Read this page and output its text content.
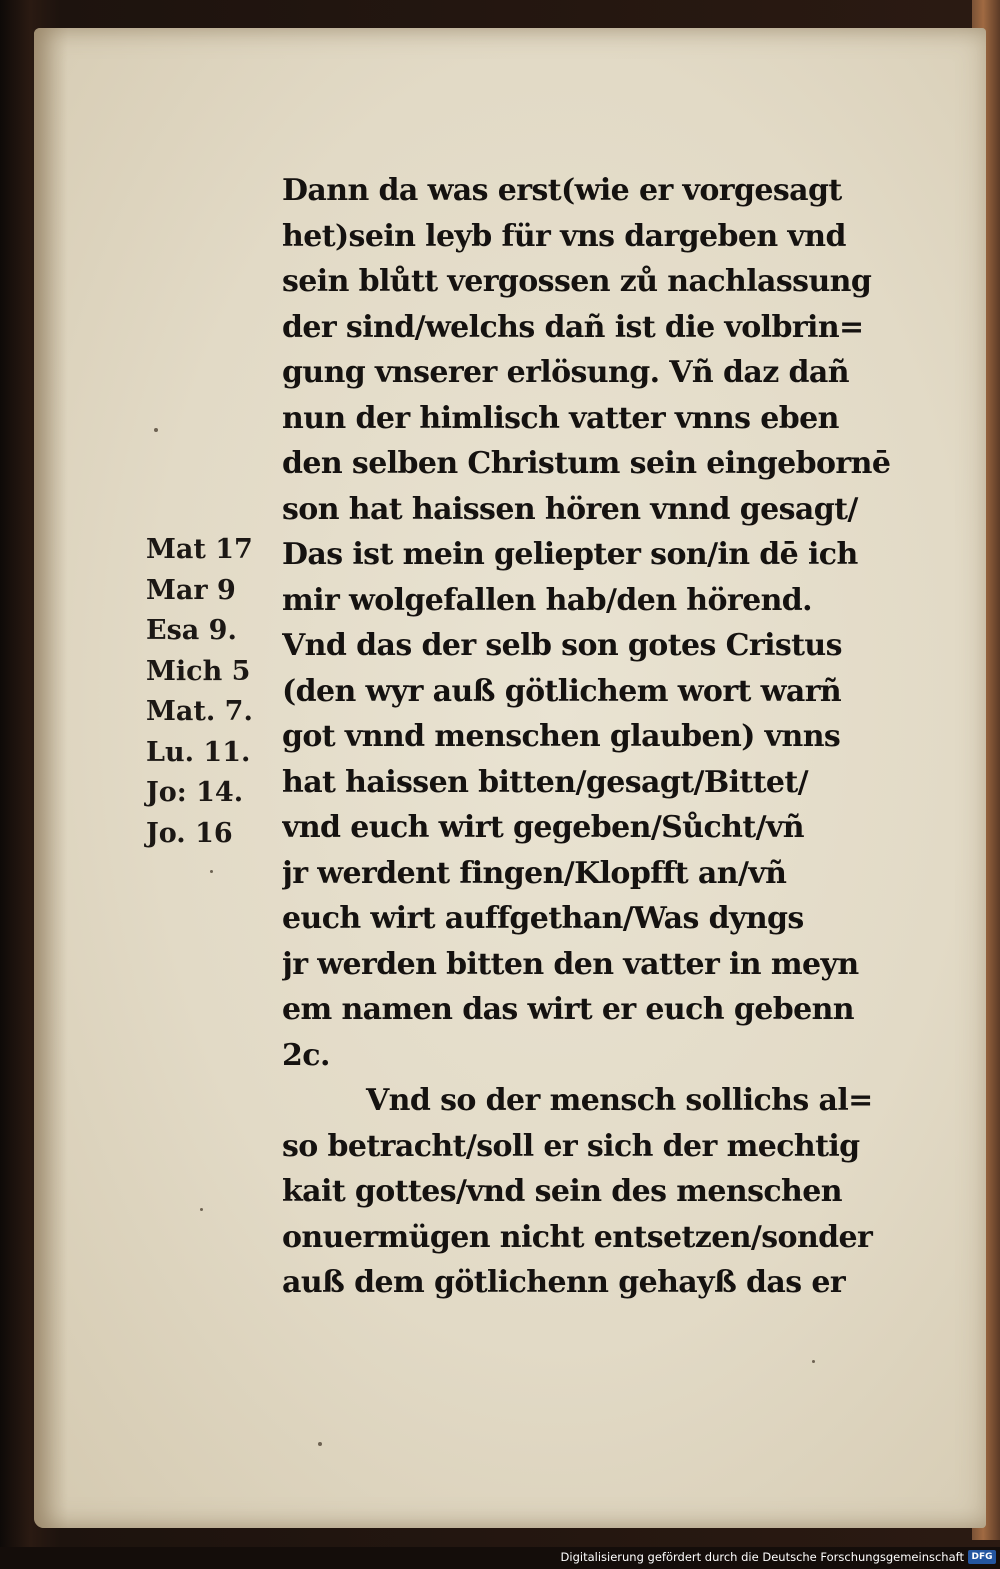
Mat 17
Mar 9
Esa 9.
Mich 5
Mat. 7.
Lu. 11.
Jo: 14.
Jo. 16
Dann da was erst(wie er vorgesagt
het)sein leyb für vns dargeben vnd
sein blůtt vergossen zů nachlassung
der sind/welchs dañ ist die volbrin=
gung vnserer erlösung. Vñ daz dañ
nun der himlisch vatter vnns eben
den selben Christum sein eingebornē
son hat haissen hören vnnd gesagt/
Das ist mein geliepter son/in dē ich
mir wolgefallen hab/den hörend.
Vnd das der selb son gotes Cristus
(den wyr auß götlichem wort warñ
got vnnd menschen glauben) vnns
hat haissen bitten/gesagt/Bittet/
vnd euch wirt gegeben/Sůcht/vñ
jr werdent fingen/Klopfft an/vñ
euch wirt auffgethan/Was dyngs
jr werden bitten den vatter in meyn
em namen das wirt er euch gebenn
2c.
Vnd so der mensch sollichs al=
so betracht/soll er sich der mechtig
kait gottes/vnd sein des menschen
onuermügen nicht entsetzen/sonder
auß dem götlichenn gehayß das er
Digitalisierung gefördert durch die Deutsche Forschungsgemeinschaft DFG
